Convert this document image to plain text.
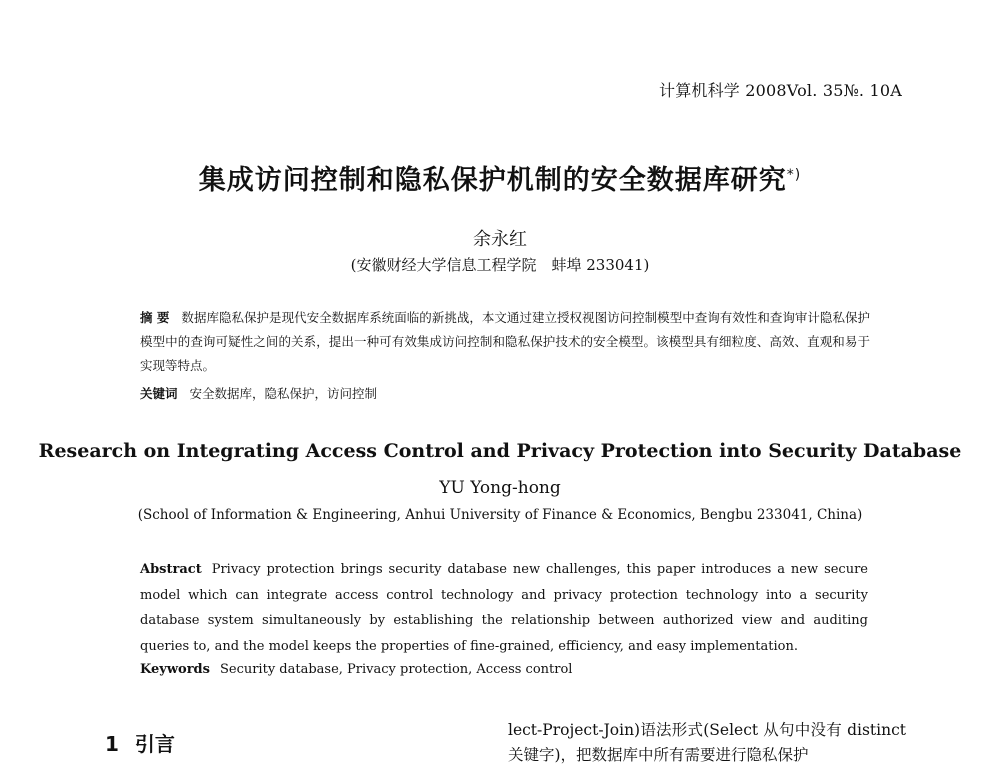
计算机科学 2008Vol. 35№. 10A
集成访问控制和隐私保护机制的安全数据库研究*)
余永红
(安徽财经大学信息工程学院　蚌埠 233041)
摘 要 数据库隐私保护是现代安全数据库系统面临的新挑战，本文通过建立授权视图访问控制模型中查询有效性和查询审计隐私保护模型中的查询可疑性之间的关系，提出一种可有效集成访问控制和隐私保护技术的安全模型。该模型具有细粒度、高效、直观和易于实现等特点。
关键词 安全数据库，隐私保护，访问控制
Research on Integrating Access Control and Privacy Protection into Security Database
YU Yong-hong
(School of Information & Engineering, Anhui University of Finance & Economics, Bengbu 233041, China)
Abstract Privacy protection brings security database new challenges, this paper introduces a new secure model which can integrate access control technology and privacy protection technology into a security database system simultaneously by establishing the relationship between authorized view and auditing queries to, and the model keeps the properties of fine-grained, efficiency, and easy implementation.
Keywords Security database, Privacy protection, Access control
1 引言
lect-Project-Join)语法形式(Select 从句中没有 distinct 关键字)，把数据库中所有需要进行隐私保护
